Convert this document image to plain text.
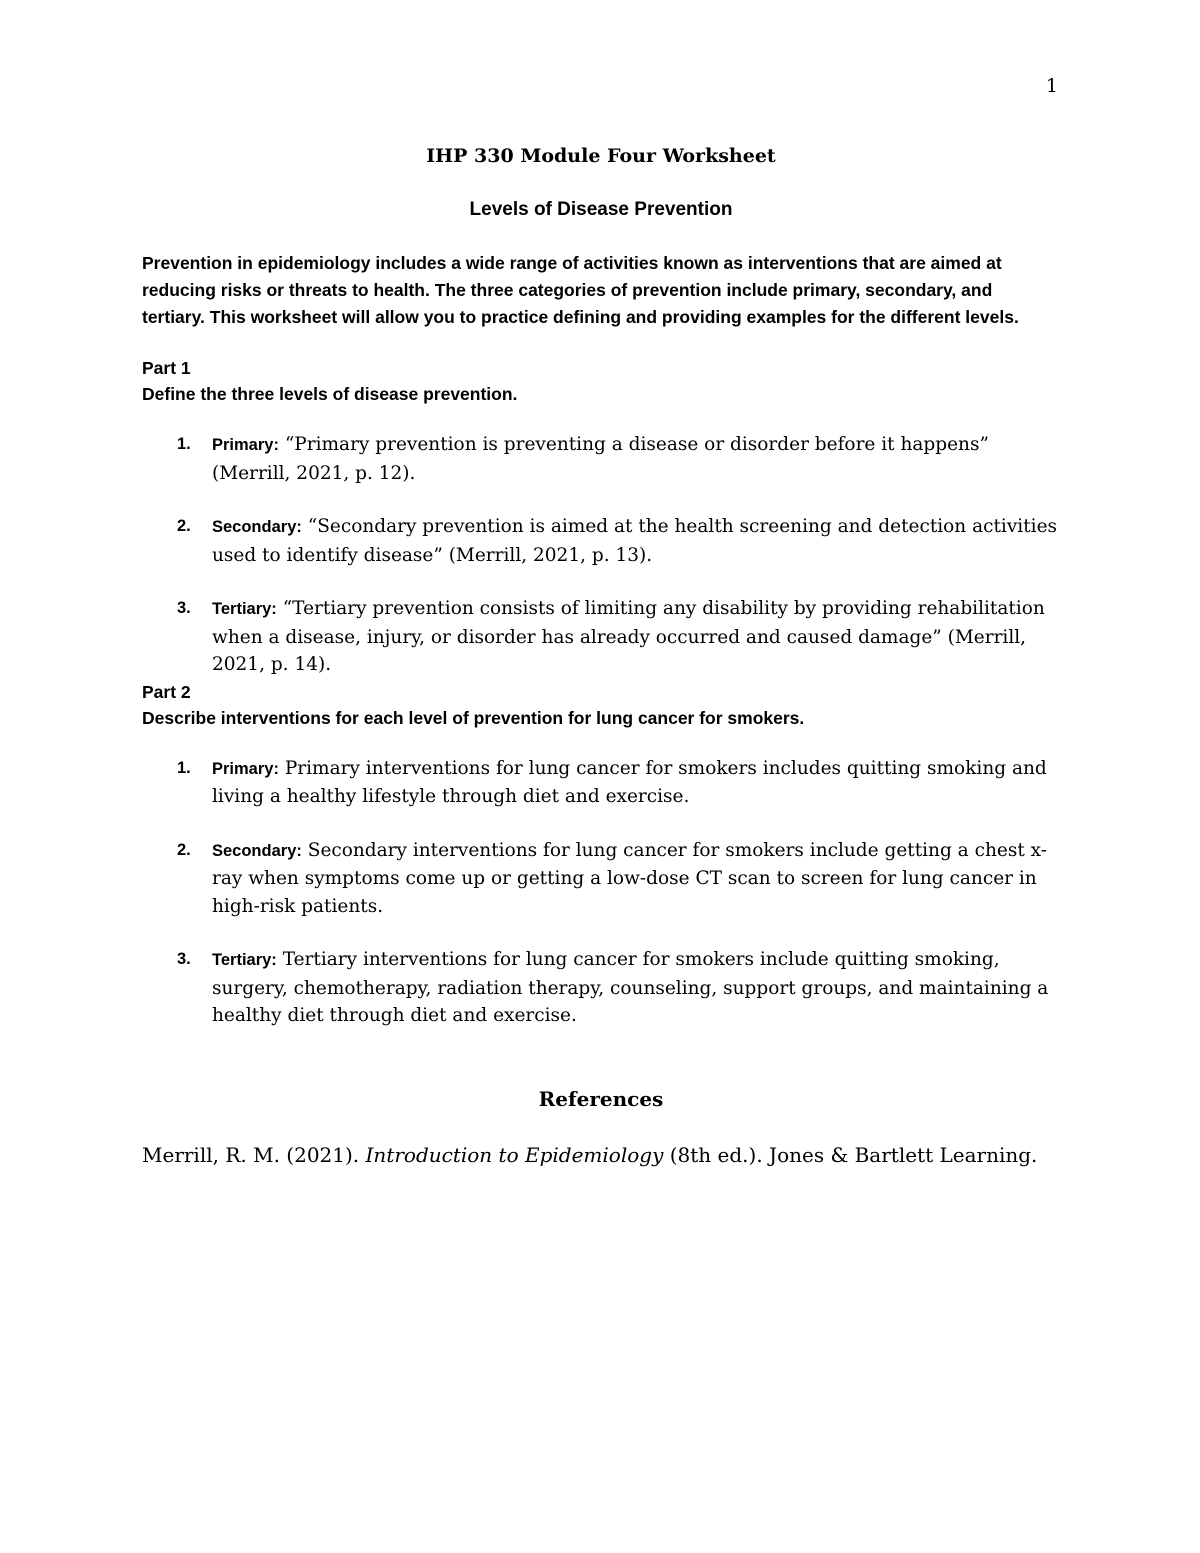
1
IHP 330 Module Four Worksheet
Levels of Disease Prevention

Prevention in epidemiology includes a wide range of activities known as interventions that are aimed at reducing risks or threats to health. The three categories of prevention include primary, secondary, and tertiary. This worksheet will allow you to practice defining and providing examples for the different levels.

Part 1

Define the three levels of disease prevention.

1. Primary: “Primary prevention is preventing a disease or disorder before it happens” (Merrill, 2021, p. 12).
2. Secondary: “Secondary prevention is aimed at the health screening and detection activities used to identify disease” (Merrill, 2021, p. 13).
3. Tertiary: “Tertiary prevention consists of limiting any disability by providing rehabilitation when a disease, injury, or disorder has already occurred and caused damage” (Merrill, 2021, p. 14).

Part 2

Describe interventions for each level of prevention for lung cancer for smokers.

1. Primary: Primary interventions for lung cancer for smokers includes quitting smoking and living a healthy lifestyle through diet and exercise.
2. Secondary: Secondary interventions for lung cancer for smokers include getting a chest x-ray when symptoms come up or getting a low-dose CT scan to screen for lung cancer in high-risk patients.
3. Tertiary: Tertiary interventions for lung cancer for smokers include quitting smoking, surgery, chemotherapy, radiation therapy, counseling, support groups, and maintaining a healthy diet through diet and exercise.
References

Merrill, R. M. (2021). Introduction to Epidemiology (8th ed.). Jones & Bartlett Learning.
